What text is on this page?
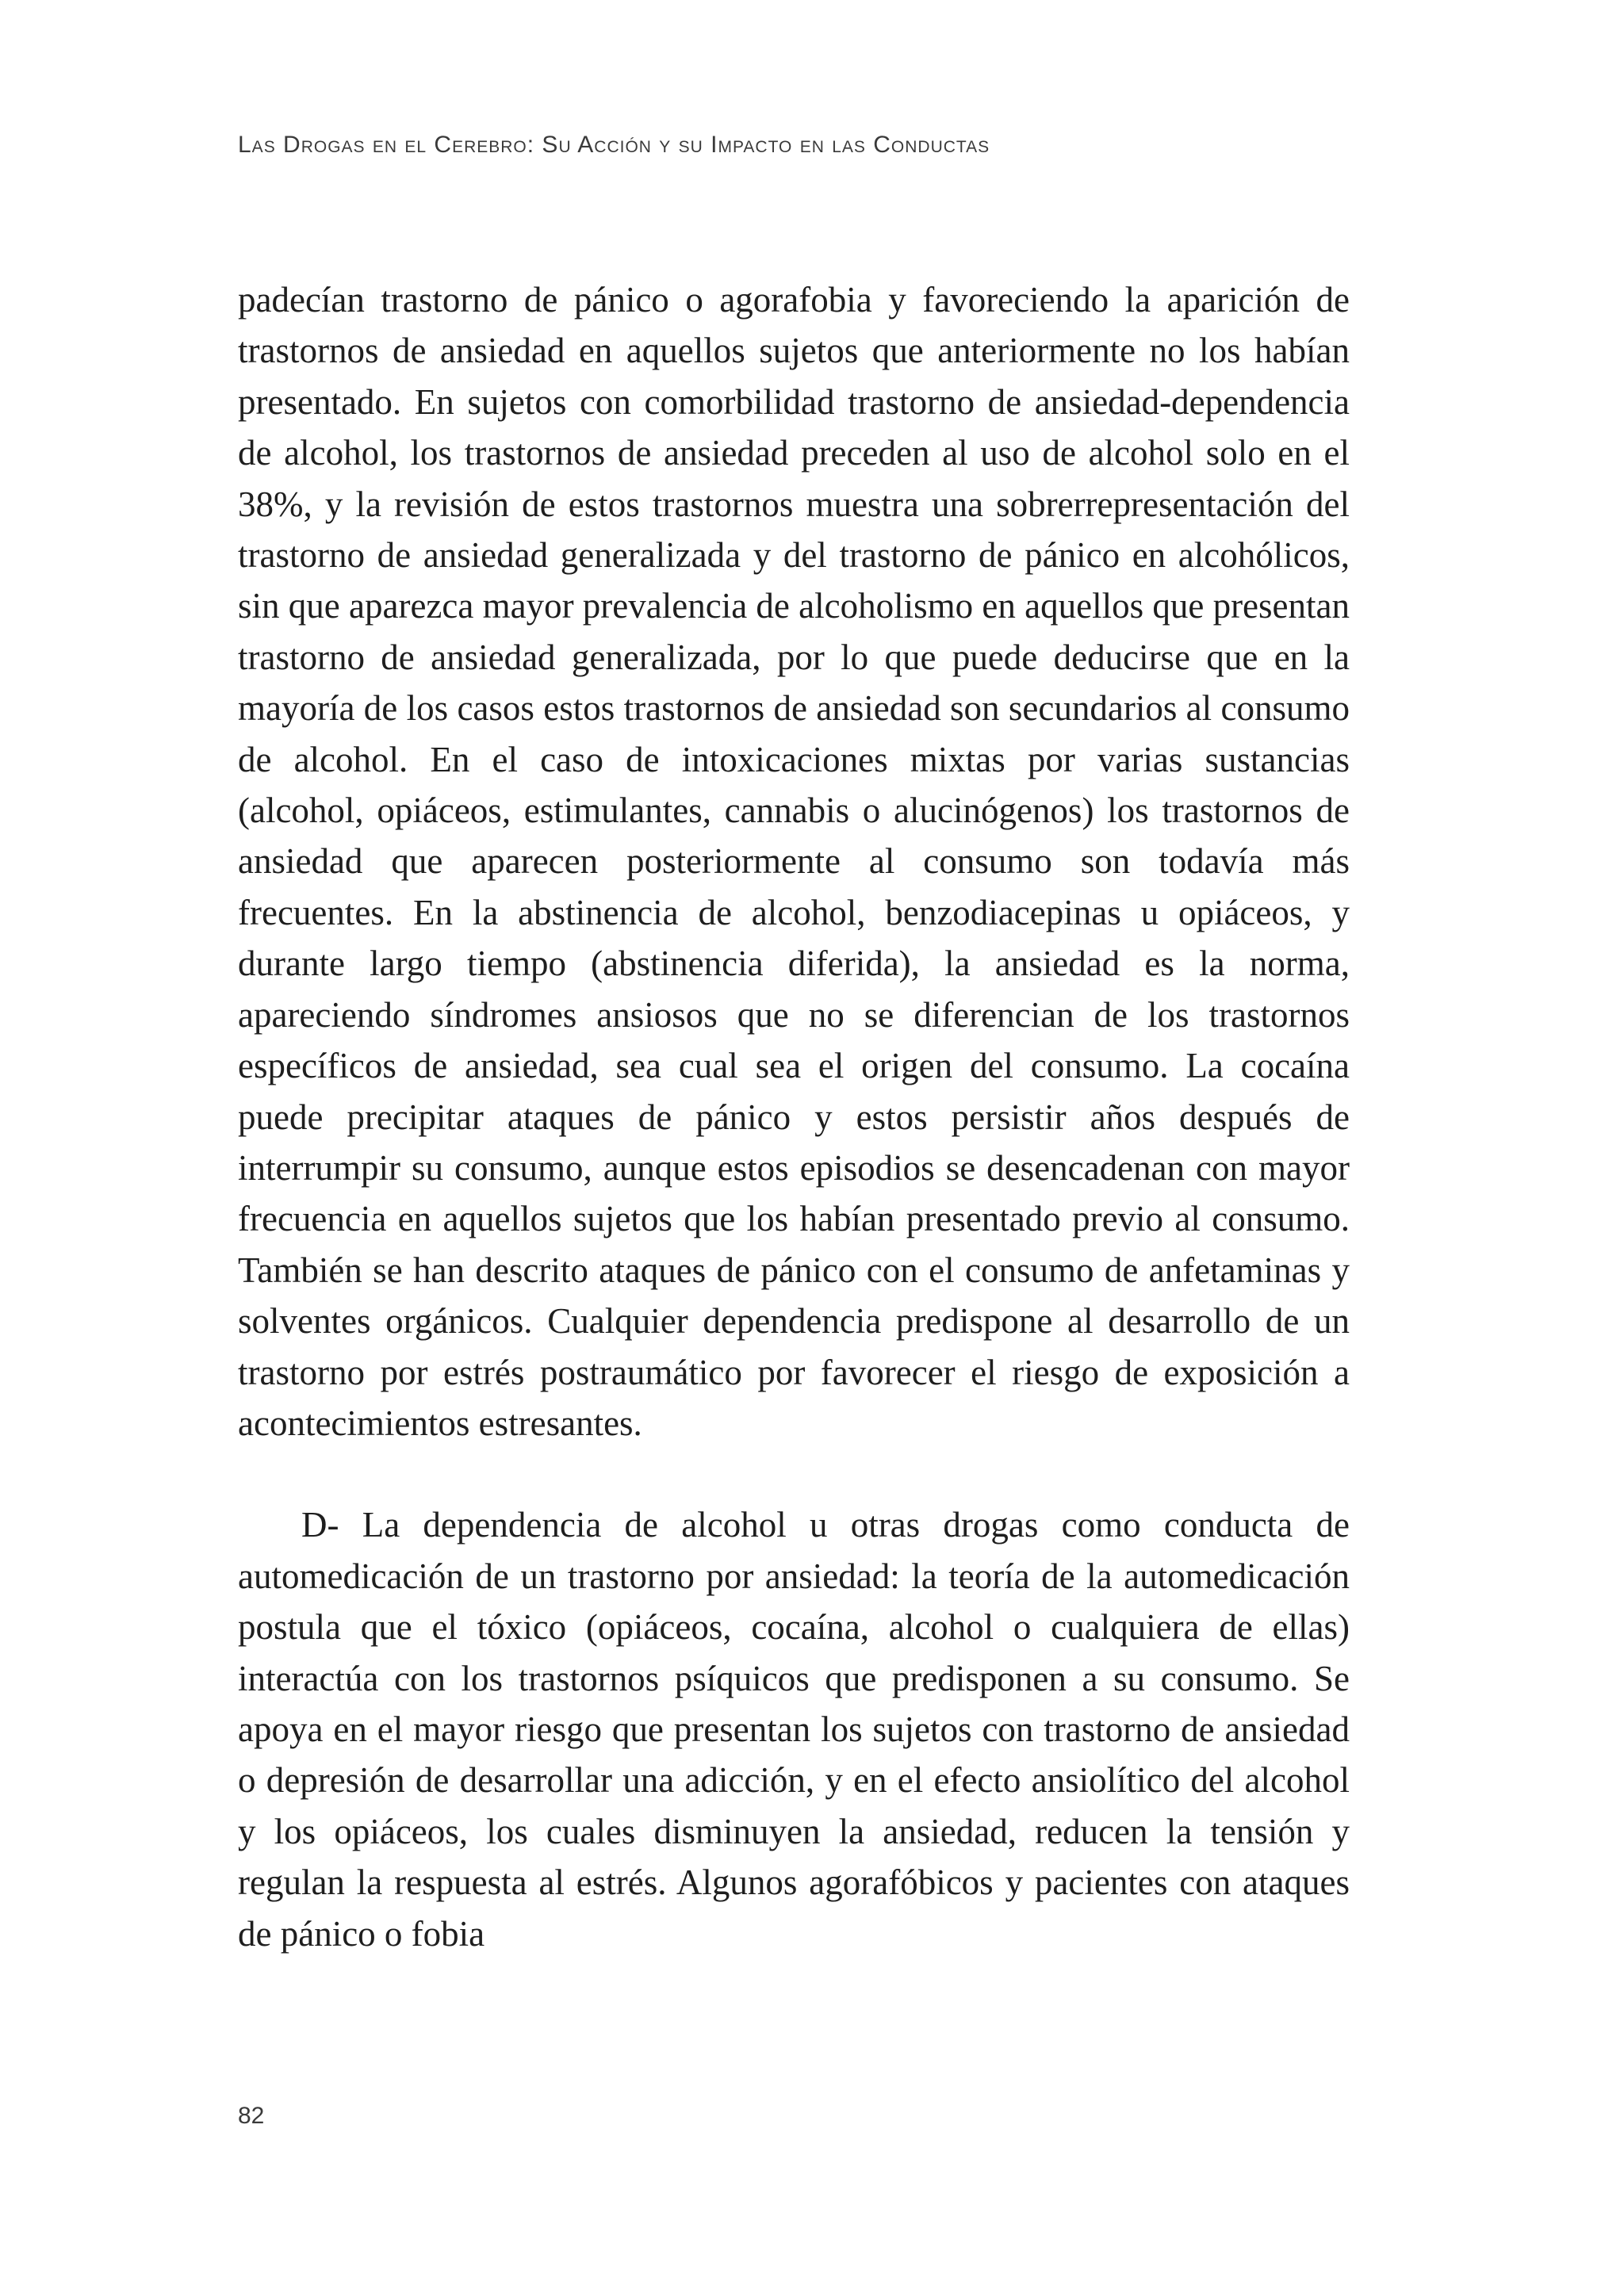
Las Drogas en el Cerebro: Su Acción y su Impacto en las Conductas

padecían trastorno de pánico o agorafobia y favoreciendo la aparición de trastornos de ansiedad en aquellos sujetos que anteriormente no los habían presentado. En sujetos con comorbilidad trastorno de ansiedad-dependencia de alcohol, los trastornos de ansiedad preceden al uso de alcohol solo en el 38%, y la revisión de estos trastornos muestra una sobrerrepresentación del trastorno de ansiedad generalizada y del trastorno de pánico en alcohólicos, sin que aparezca mayor prevalencia de alcoholismo en aquellos que presentan trastorno de ansiedad generalizada, por lo que puede deducirse que en la mayoría de los casos estos trastornos de ansiedad son secundarios al consumo de alcohol. En el caso de intoxicaciones mixtas por varias sustancias (alcohol, opiáceos, estimulantes, cannabis o alucinógenos) los trastornos de ansiedad que aparecen posteriormente al consumo son todavía más frecuentes. En la abstinencia de alcohol, benzodiacepinas u opiáceos, y durante largo tiempo (abstinencia diferida), la ansiedad es la norma, apareciendo síndromes ansiosos que no se diferencian de los trastornos específicos de ansiedad, sea cual sea el origen del consumo. La cocaína puede precipitar ataques de pánico y estos persistir años después de interrumpir su consumo, aunque estos episodios se desencadenan con mayor frecuencia en aquellos sujetos que los habían presentado previo al consumo. También se han descrito ataques de pánico con el consumo de anfetaminas y solventes orgánicos. Cualquier dependencia predispone al desarrollo de un trastorno por estrés postraumático por favorecer el riesgo de exposición a acontecimientos estresantes.

D- La dependencia de alcohol u otras drogas como conducta de automedicación de un trastorno por ansiedad: la teoría de la automedicación postula que el tóxico (opiáceos, cocaína, alcohol o cualquiera de ellas) interactúa con los trastornos psíquicos que predisponen a su consumo. Se apoya en el mayor riesgo que presentan los sujetos con trastorno de ansiedad o depresión de desarrollar una adicción, y en el efecto ansiolítico del alcohol y los opiáceos, los cuales disminuyen la ansiedad, reducen la tensión y regulan la respuesta al estrés. Algunos agorafóbicos y pacientes con ataques de pánico o fobia

82
